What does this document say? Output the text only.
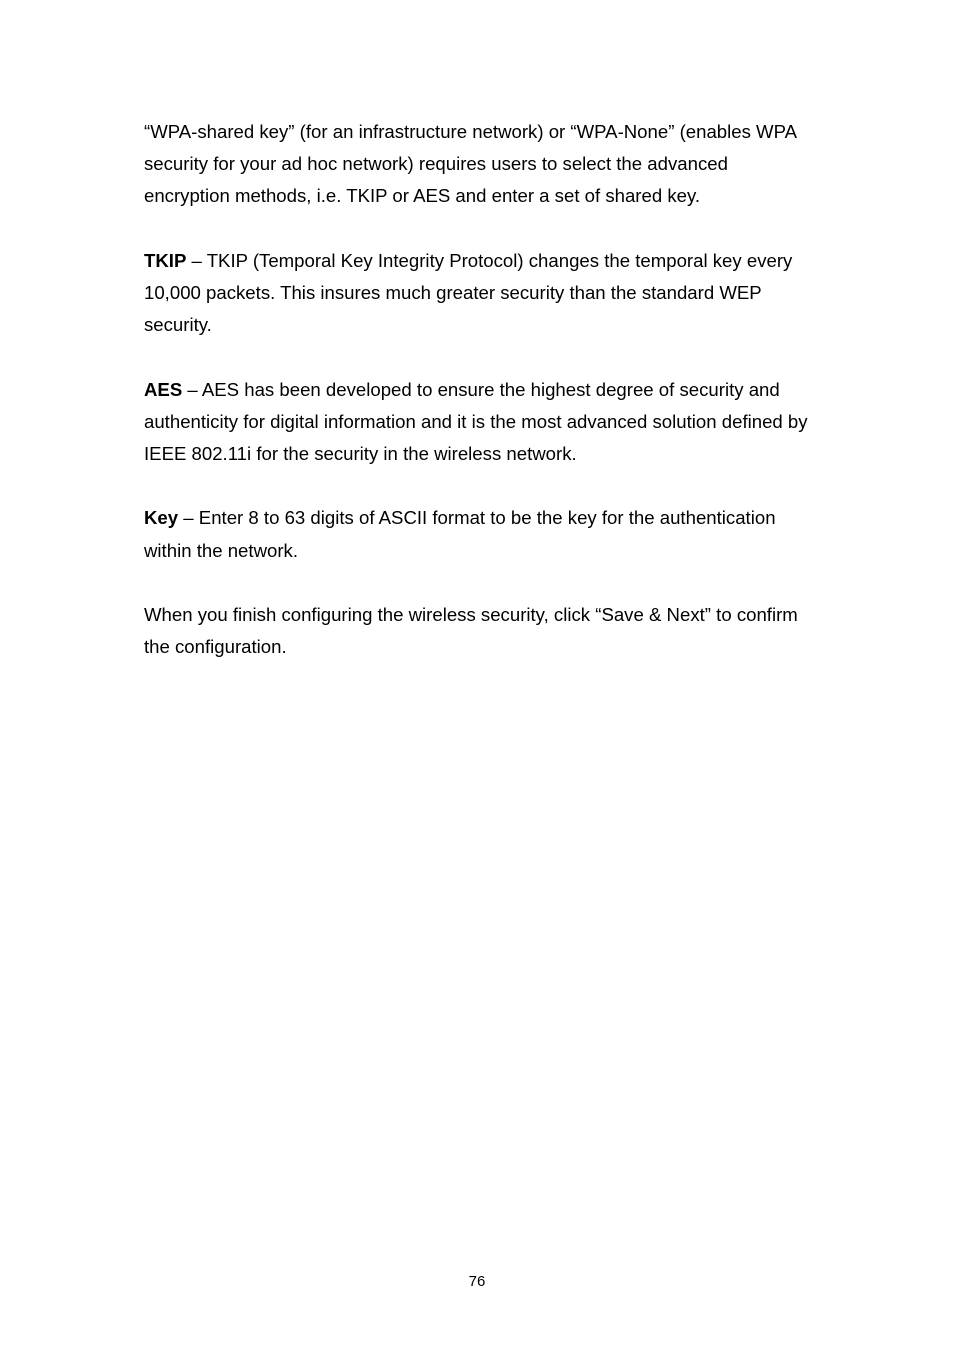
“WPA-shared key” (for an infrastructure network) or “WPA-None” (enables WPA security for your ad hoc network) requires users to select the advanced encryption methods, i.e. TKIP or AES and enter a set of shared key.

TKIP – TKIP (Temporal Key Integrity Protocol) changes the temporal key every 10,000 packets. This insures much greater security than the standard WEP security.

AES – AES has been developed to ensure the highest degree of security and authenticity for digital information and it is the most advanced solution defined by IEEE 802.11i for the security in the wireless network.

Key – Enter 8 to 63 digits of ASCII format to be the key for the authentication within the network.

When you finish configuring the wireless security, click “Save & Next” to confirm the configuration.

76
